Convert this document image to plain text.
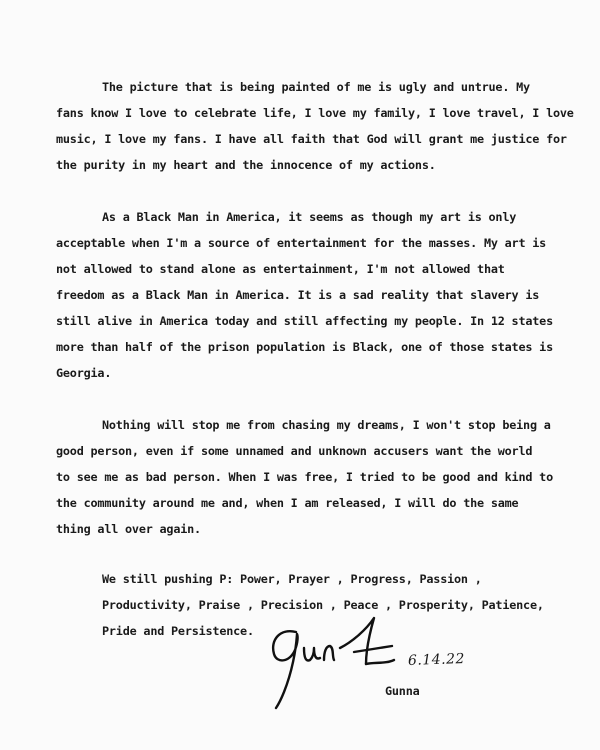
The picture that is being painted of me is ugly and untrue. My
fans know I love to celebrate life, I love my family, I love travel, I love
music, I love my fans. I have all faith that God will grant me justice for
the purity in my heart and the innocence of my actions.

As a Black Man in America, it seems as though my art is only
acceptable when I'm a source of entertainment for the masses. My art is
not allowed to stand alone as entertainment, I'm not allowed that
freedom as a Black Man in America. It is a sad reality that slavery is
still alive in America today and still affecting my people. In 12 states
more than half of the prison population is Black, one of those states is
Georgia.

Nothing will stop me from chasing my dreams, I won't stop being a
good person, even if some unnamed and unknown accusers want the world
to see me as bad person. When I was free, I tried to be good and kind to
the community around me and, when I am released, I will do the same
thing all over again.

We still pushing P: Power, Prayer , Progress, Passion ,
Productivity, Praise , Precision , Peace , Prosperity, Patience,
Pride and Persistence.

6.14.22
Gunna
